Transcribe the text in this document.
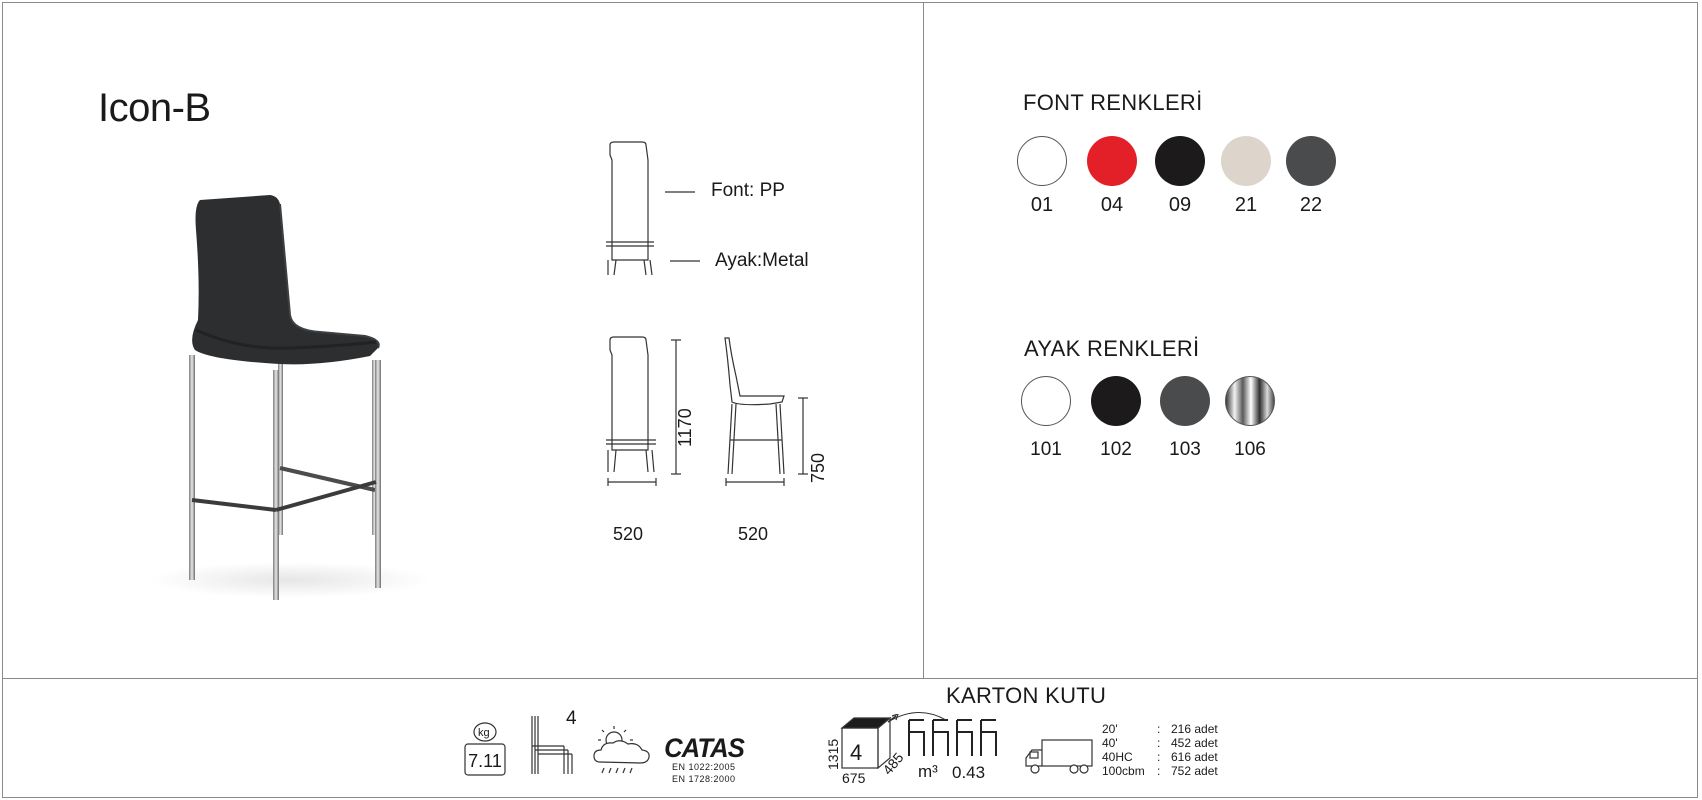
Icon-B
Font: PP
Ayak:Metal
1170
750
520	520
FONT RENKLERİ
01	04	09	21	22
AYAK RENKLERİ
101	102	103	106
KARTON KUTU
kg
7.11
4
CATAS
EN 1022:2005
EN 1728:2000
4
1315
675
485 m³ 0.43
20'	: 216 adet
40'	: 452 adet
40HC	: 616 adet
100cbm	: 752 adet
